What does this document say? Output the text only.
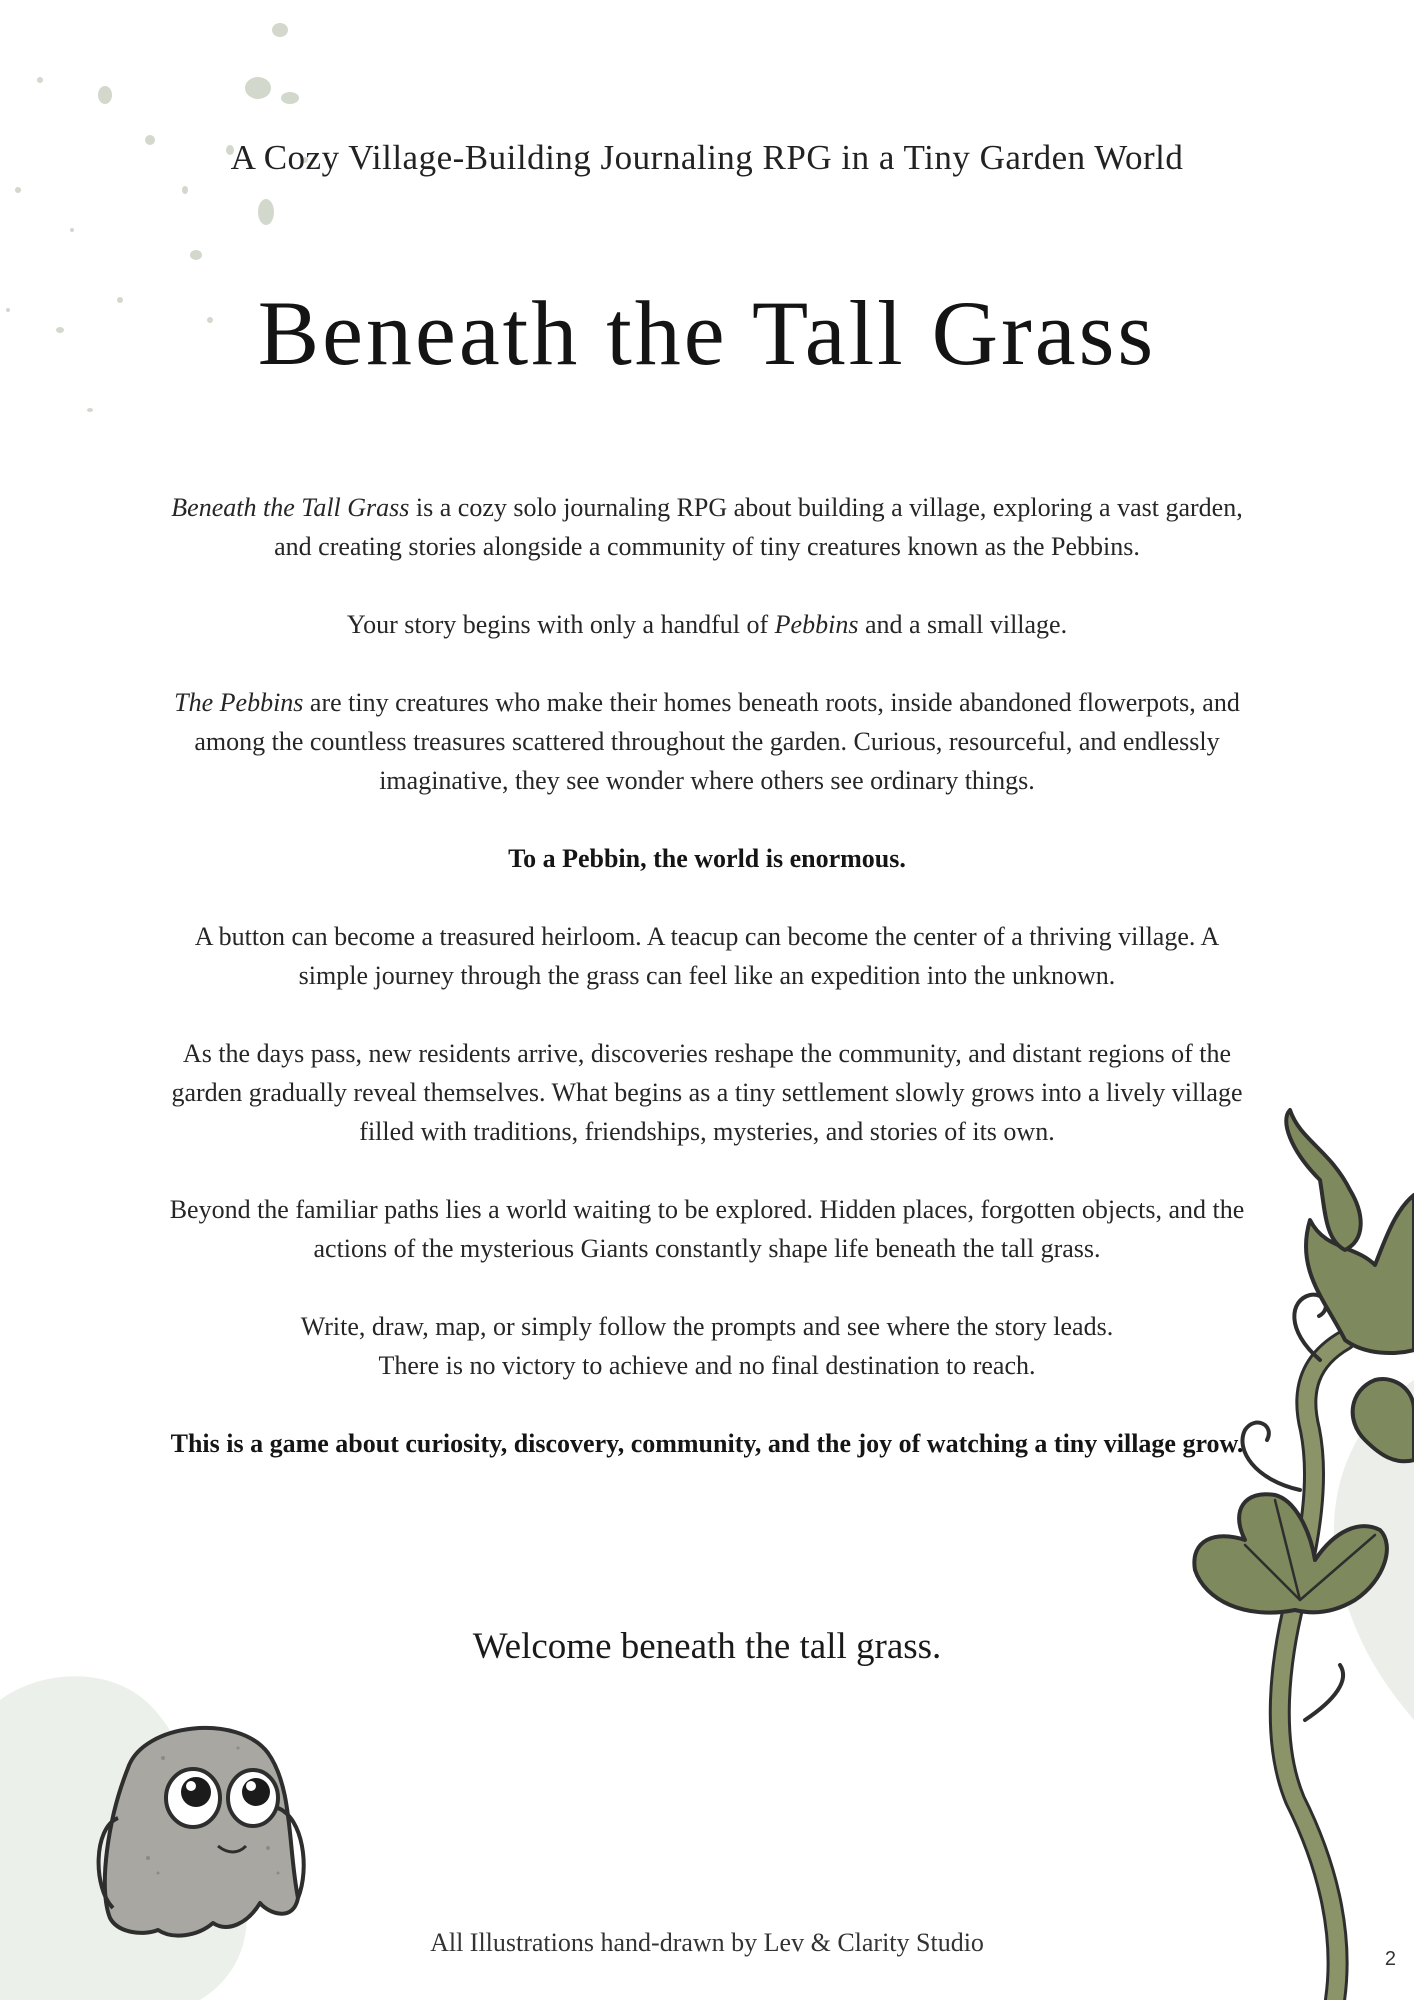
A Cozy Village-Building Journaling RPG in a Tiny Garden World
Beneath the Tall Grass

Beneath the Tall Grass is a cozy solo journaling RPG about building a village, exploring a vast garden,
and creating stories alongside a community of tiny creatures known as the Pebbins.

Your story begins with only a handful of Pebbins and a small village.

The Pebbins are tiny creatures who make their homes beneath roots, inside abandoned flowerpots, and
among the countless treasures scattered throughout the garden. Curious, resourceful, and endlessly
imaginative, they see wonder where others see ordinary things.

To a Pebbin, the world is enormous.

A button can become a treasured heirloom. A teacup can become the center of a thriving village. A
simple journey through the grass can feel like an expedition into the unknown.

As the days pass, new residents arrive, discoveries reshape the community, and distant regions of the
garden gradually reveal themselves. What begins as a tiny settlement slowly grows into a lively village
filled with traditions, friendships, mysteries, and stories of its own.

Beyond the familiar paths lies a world waiting to be explored. Hidden places, forgotten objects, and the
actions of the mysterious Giants constantly shape life beneath the tall grass.

Write, draw, map, or simply follow the prompts and see where the story leads.
There is no victory to achieve and no final destination to reach.

This is a game about curiosity, discovery, community, and the joy of watching a tiny village grow.

Welcome beneath the tall grass.
All Illustrations hand-drawn by Lev & Clarity Studio
2
